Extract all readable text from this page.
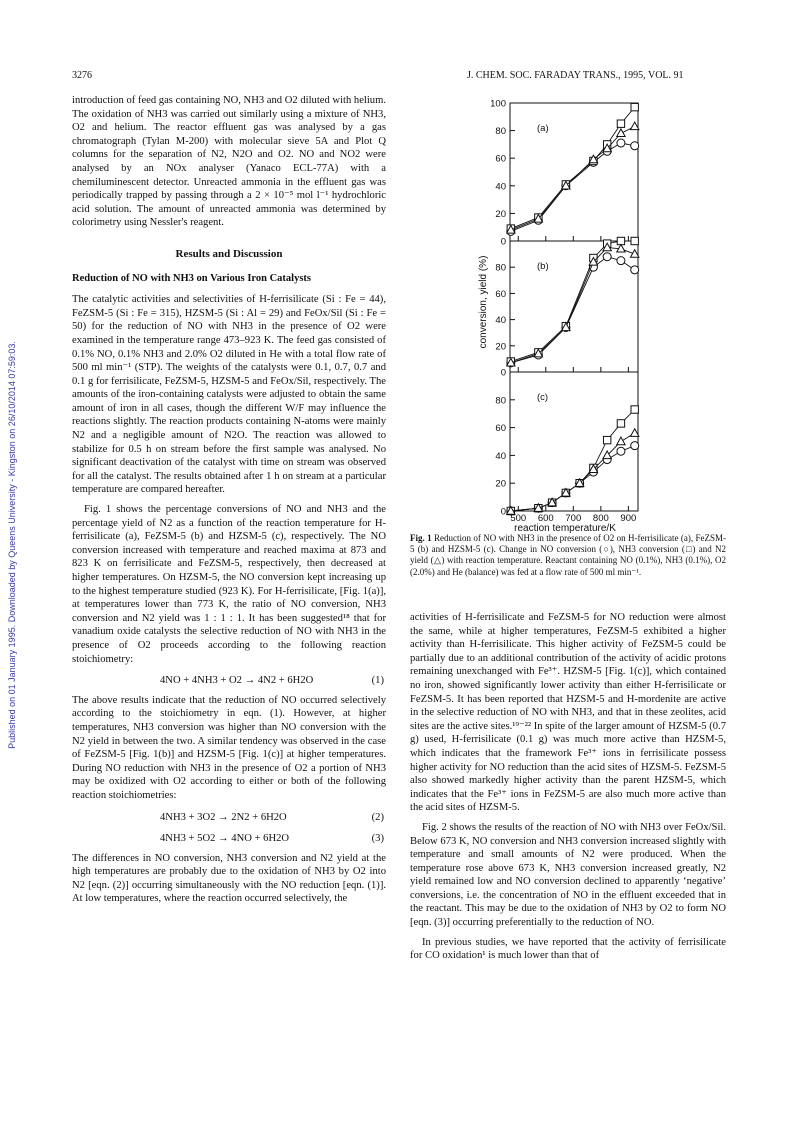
3276	J. CHEM. SOC. FARADAY TRANS., 1995, VOL. 91
Published on 01 January 1995. Downloaded by Queens University - Kingston on 26/10/2014 07:59:03.

introduction of feed gas containing NO, NH3 and O2 diluted with helium. The oxidation of NH3 was carried out similarly using a mixture of NH3, O2 and helium. The reactor effluent gas was analysed by a gas chromatograph (Tylan M-200) with molecular sieve 5A and Plot Q columns for the separation of N2, N2O and O2. NO and NO2 were analysed by an NOx analyser (Yanaco ECL-77A) with a chemiluminescent detector. Unreacted ammonia in the effluent gas was periodically trapped by passing through a 2 × 10⁻⁵ mol l⁻¹ hydrochloric acid solution. The amount of unreacted ammonia was determined by colorimetry using Nessler's reagent.

Results and Discussion
Reduction of NO with NH3 on Various Iron Catalysts

The catalytic activities and selectivities of H-ferrisilicate (Si : Fe = 44), FeZSM-5 (Si : Fe = 315), HZSM-5 (Si : Al = 29) and FeOx/Sil (Si : Fe = 50) for the reduction of NO with NH3 in the presence of O2 were examined in the temperature range 473–923 K. The feed gas consisted of 0.1% NO, 0.1% NH3 and 2.0% O2 diluted in He with a total flow rate of 500 ml min⁻¹ (STP). The weights of the catalysts were 0.1, 0.7, 0.7 and 0.1 g for ferrisilicate, FeZSM-5, HZSM-5 and FeOx/Sil, respectively. The amounts of the iron-containing catalysts were adjusted to obtain the same amount of iron in all cases, though the different W/F may influence the reactions slightly. The reaction products containing N-atoms were mainly N2 and a negligible amount of N2O. The reaction was allowed to stabilize for 0.5 h on stream before the first sample was analysed. No significant deactivation of the catalyst with time on stream was observed for all the catalyst. The results obtained after 1 h on stream at a particular temperature are compared hereafter.

Fig. 1 shows the percentage conversions of NO and NH3 and the percentage yield of N2 as a function of the reaction temperature for H-ferrisilicate (a), FeZSM-5 (b) and HZSM-5 (c), respectively. The NO conversion increased with temperature and reached maxima at 873 and 823 K on ferrisilicate and FeZSM-5, respectively, then decreased at higher temperatures. On HZSM-5, the NO conversion kept increasing up to the highest temperature studied (923 K). For H-ferrisilicate, [Fig. 1(a)], at temperatures lower than 773 K, the ratio of NO conversion, NH3 conversion and N2 yield was 1 : 1 : 1. It has been suggested¹⁸ that for vanadium oxide catalysts the selective reduction of NO with NH3 in the presence of O2 proceeds according to the following reaction stoichiometry:

4NO + 4NH3 + O2 → 4N2 + 6H2O	(1)

The above results indicate that the reduction of NO occurred selectively according to the stoichiometry in eqn. (1). However, at higher temperatures, NH3 conversion was higher than NO conversion with the N2 yield in between the two. A similar tendency was observed in the case of FeZSM-5 [Fig. 1(b)] and HZSM-5 [Fig. 1(c)] at higher temperatures. During NO reduction with NH3 in the presence of O2 a portion of NH3 may be oxidized with O2 according to either or both of the following reaction stoichiometries:

4NH3 + 3O2 → 2N2 + 6H2O	(2)
4NH3 + 5O2 → 4NO + 6H2O	(3)

The differences in NO conversion, NH3 conversion and N2 yield at the high temperatures are probably due to the oxidation of NH3 by O2 into N2 [eqn. (2)] occurring simultaneously with the NO reduction [eqn. (1)]. At low temperatures, where the reaction occurred selectively, the

conversion, yield (%)
reaction temperature/K
0
20
40
60
80
100
(a)
0
20
40
60
80	(b)
0
20
40
60
80	(c)
500 600 700 800 900
Fig. 1 Reduction of NO with NH3 in the presence of O2 on H-ferrisilicate (a), FeZSM-5 (b) and HZSM-5 (c). Change in NO conversion (○), NH3 conversion (□) and N2 yield (△) with reaction temperature. Reactant containing NO (0.1%), NH3 (0.1%), O2 (2.0%) and He (balance) was fed at a flow rate of 500 ml min⁻¹.

activities of H-ferrisilicate and FeZSM-5 for NO reduction were almost the same, while at higher temperatures, FeZSM-5 exhibited a higher activity than H-ferrisilicate. This higher activity of FeZSM-5 could be partially due to an additional contribution of the activity of acidic protons remaining unexchanged with Fe³⁺. HZSM-5 [Fig. 1(c)], which contained no iron, showed significantly lower activity than either H-ferrisilicate or FeZSM-5. It has been reported that HZSM-5 and H-mordenite are active in the selective reduction of NO with NH3, and that in these zeolites, acid sites are the active sites.¹⁹⁻²² In spite of the larger amount of HZSM-5 (0.7 g) used, H-ferrisilicate (0.1 g) was much more active than HZSM-5, which indicates that the framework Fe³⁺ ions in ferrisilicate possess higher activity for NO reduction than the acid sites of HZSM-5. FeZSM-5 also showed markedly higher activity than the parent HZSM-5, which indicates that the Fe³⁺ ions in FeZSM-5 are also much more active than the acid sites of HZSM-5.

Fig. 2 shows the results of the reaction of NO with NH3 over FeOx/Sil. Below 673 K, NO conversion and NH3 conversion increased slightly with temperature and small amounts of N2 were produced. When the temperature rose above 673 K, NH3 conversion increased greatly, N2 yield remained low and NO conversion declined to apparently ‘negative’ conversions, i.e. the concentration of NO in the effluent exceeded that in the reactant. This may be due to the oxidation of NH3 by O2 to form NO [eqn. (3)] occurring preferentially to the reduction of NO.

In previous studies, we have reported that the activity of ferrisilicate for CO oxidation¹ is much lower than that of
